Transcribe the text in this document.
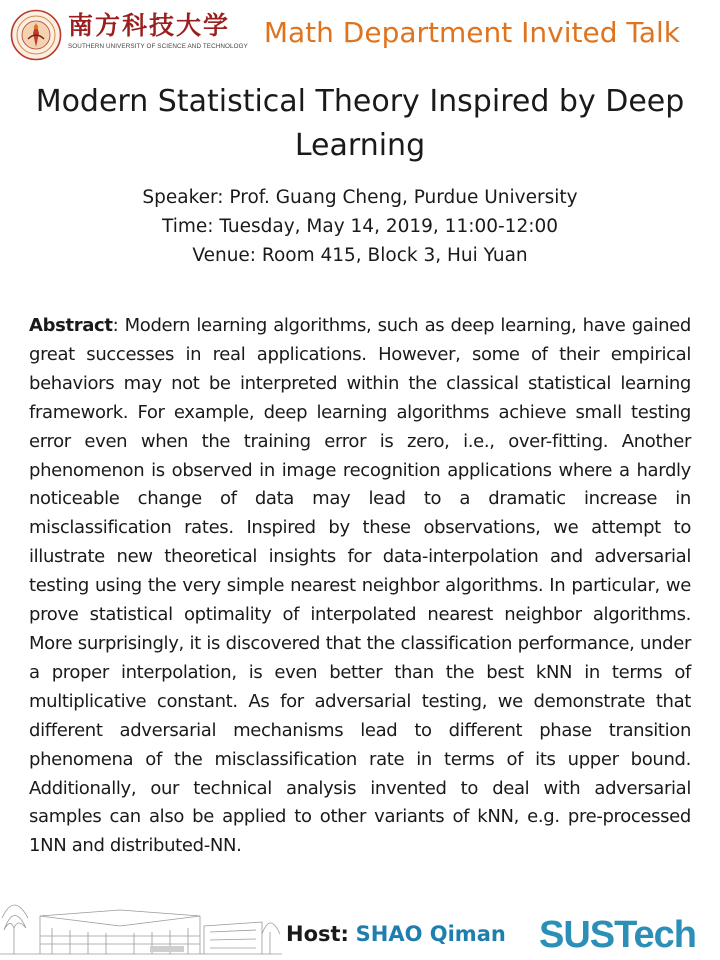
南方科技大学
SOUTHERN UNIVERSITY OF SCIENCE AND TECHNOLOGY Math Department Invited Talk
Modern Statistical Theory Inspired by Deep Learning
Speaker: Prof. Guang Cheng, Purdue University
Time: Tuesday, May 14, 2019, 11:00-12:00
Venue: Room 415, Block 3, Hui Yuan
Abstract: Modern learning algorithms, such as deep learning, have gained great successes in real applications. However, some of their empirical behaviors may not be interpreted within the classical statistical learning framework. For example, deep learning algorithms achieve small testing error even when the training error is zero, i.e., over-fitting. Another phenomenon is observed in image recognition applications where a hardly noticeable change of data may lead to a dramatic increase in misclassification rates. Inspired by these observations, we attempt to illustrate new theoretical insights for data-interpolation and adversarial testing using the very simple nearest neighbor algorithms. In particular, we prove statistical optimality of interpolated nearest neighbor algorithms. More surprisingly, it is discovered that the classification performance, under a proper interpolation, is even better than the best kNN in terms of multiplicative constant. As for adversarial testing, we demonstrate that different adversarial mechanisms lead to different phase transition phenomena of the misclassification rate in terms of its upper bound. Additionally, our technical analysis invented to deal with adversarial samples can also be applied to other variants of kNN, e.g. pre-processed 1NN and distributed-NN.
Host: SHAO Qiman SUSTech
